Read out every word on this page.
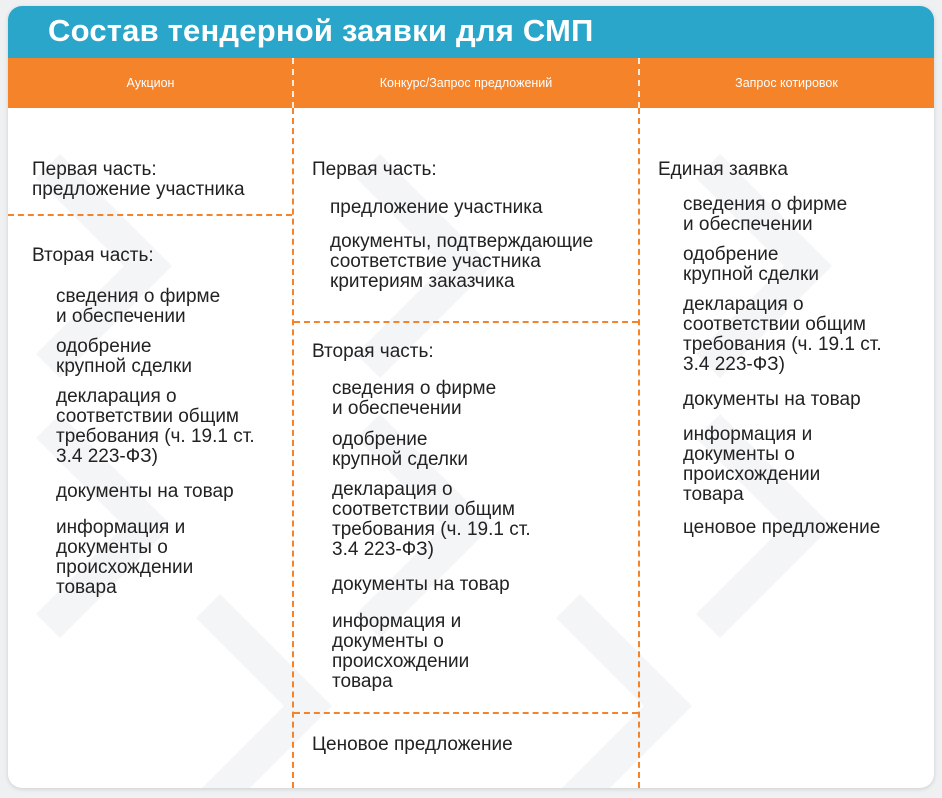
Состав тендерной заявки для СМП
Аукцион	Конкурс/Запрос предложений	Запрос котировок
Первая часть:
предложение участника
Вторая часть:
сведения о фирме
и обеспечении
одобрение
крупной сделки
декларация о
соответствии общим
требования (ч. 19.1 ст.
3.4 223-ФЗ)
документы на товар
информация и
документы о
происхождении
товара
Первая часть:
предложение участника
документы, подтверждающие
соответствие участника
критериям заказчика
Вторая часть:
сведения о фирме
и обеспечении
одобрение
крупной сделки
декларация о
соответствии общим
требования (ч. 19.1 ст.
3.4 223-ФЗ)
документы на товар
информация и
документы о
происхождении
товара
Ценовое предложение
Единая заявка
сведения о фирме
и обеспечении
одобрение
крупной сделки
декларация о
соответствии общим
требования (ч. 19.1 ст.
3.4 223-ФЗ)
документы на товар
информация и
документы о
происхождении
товара
ценовое предложение
